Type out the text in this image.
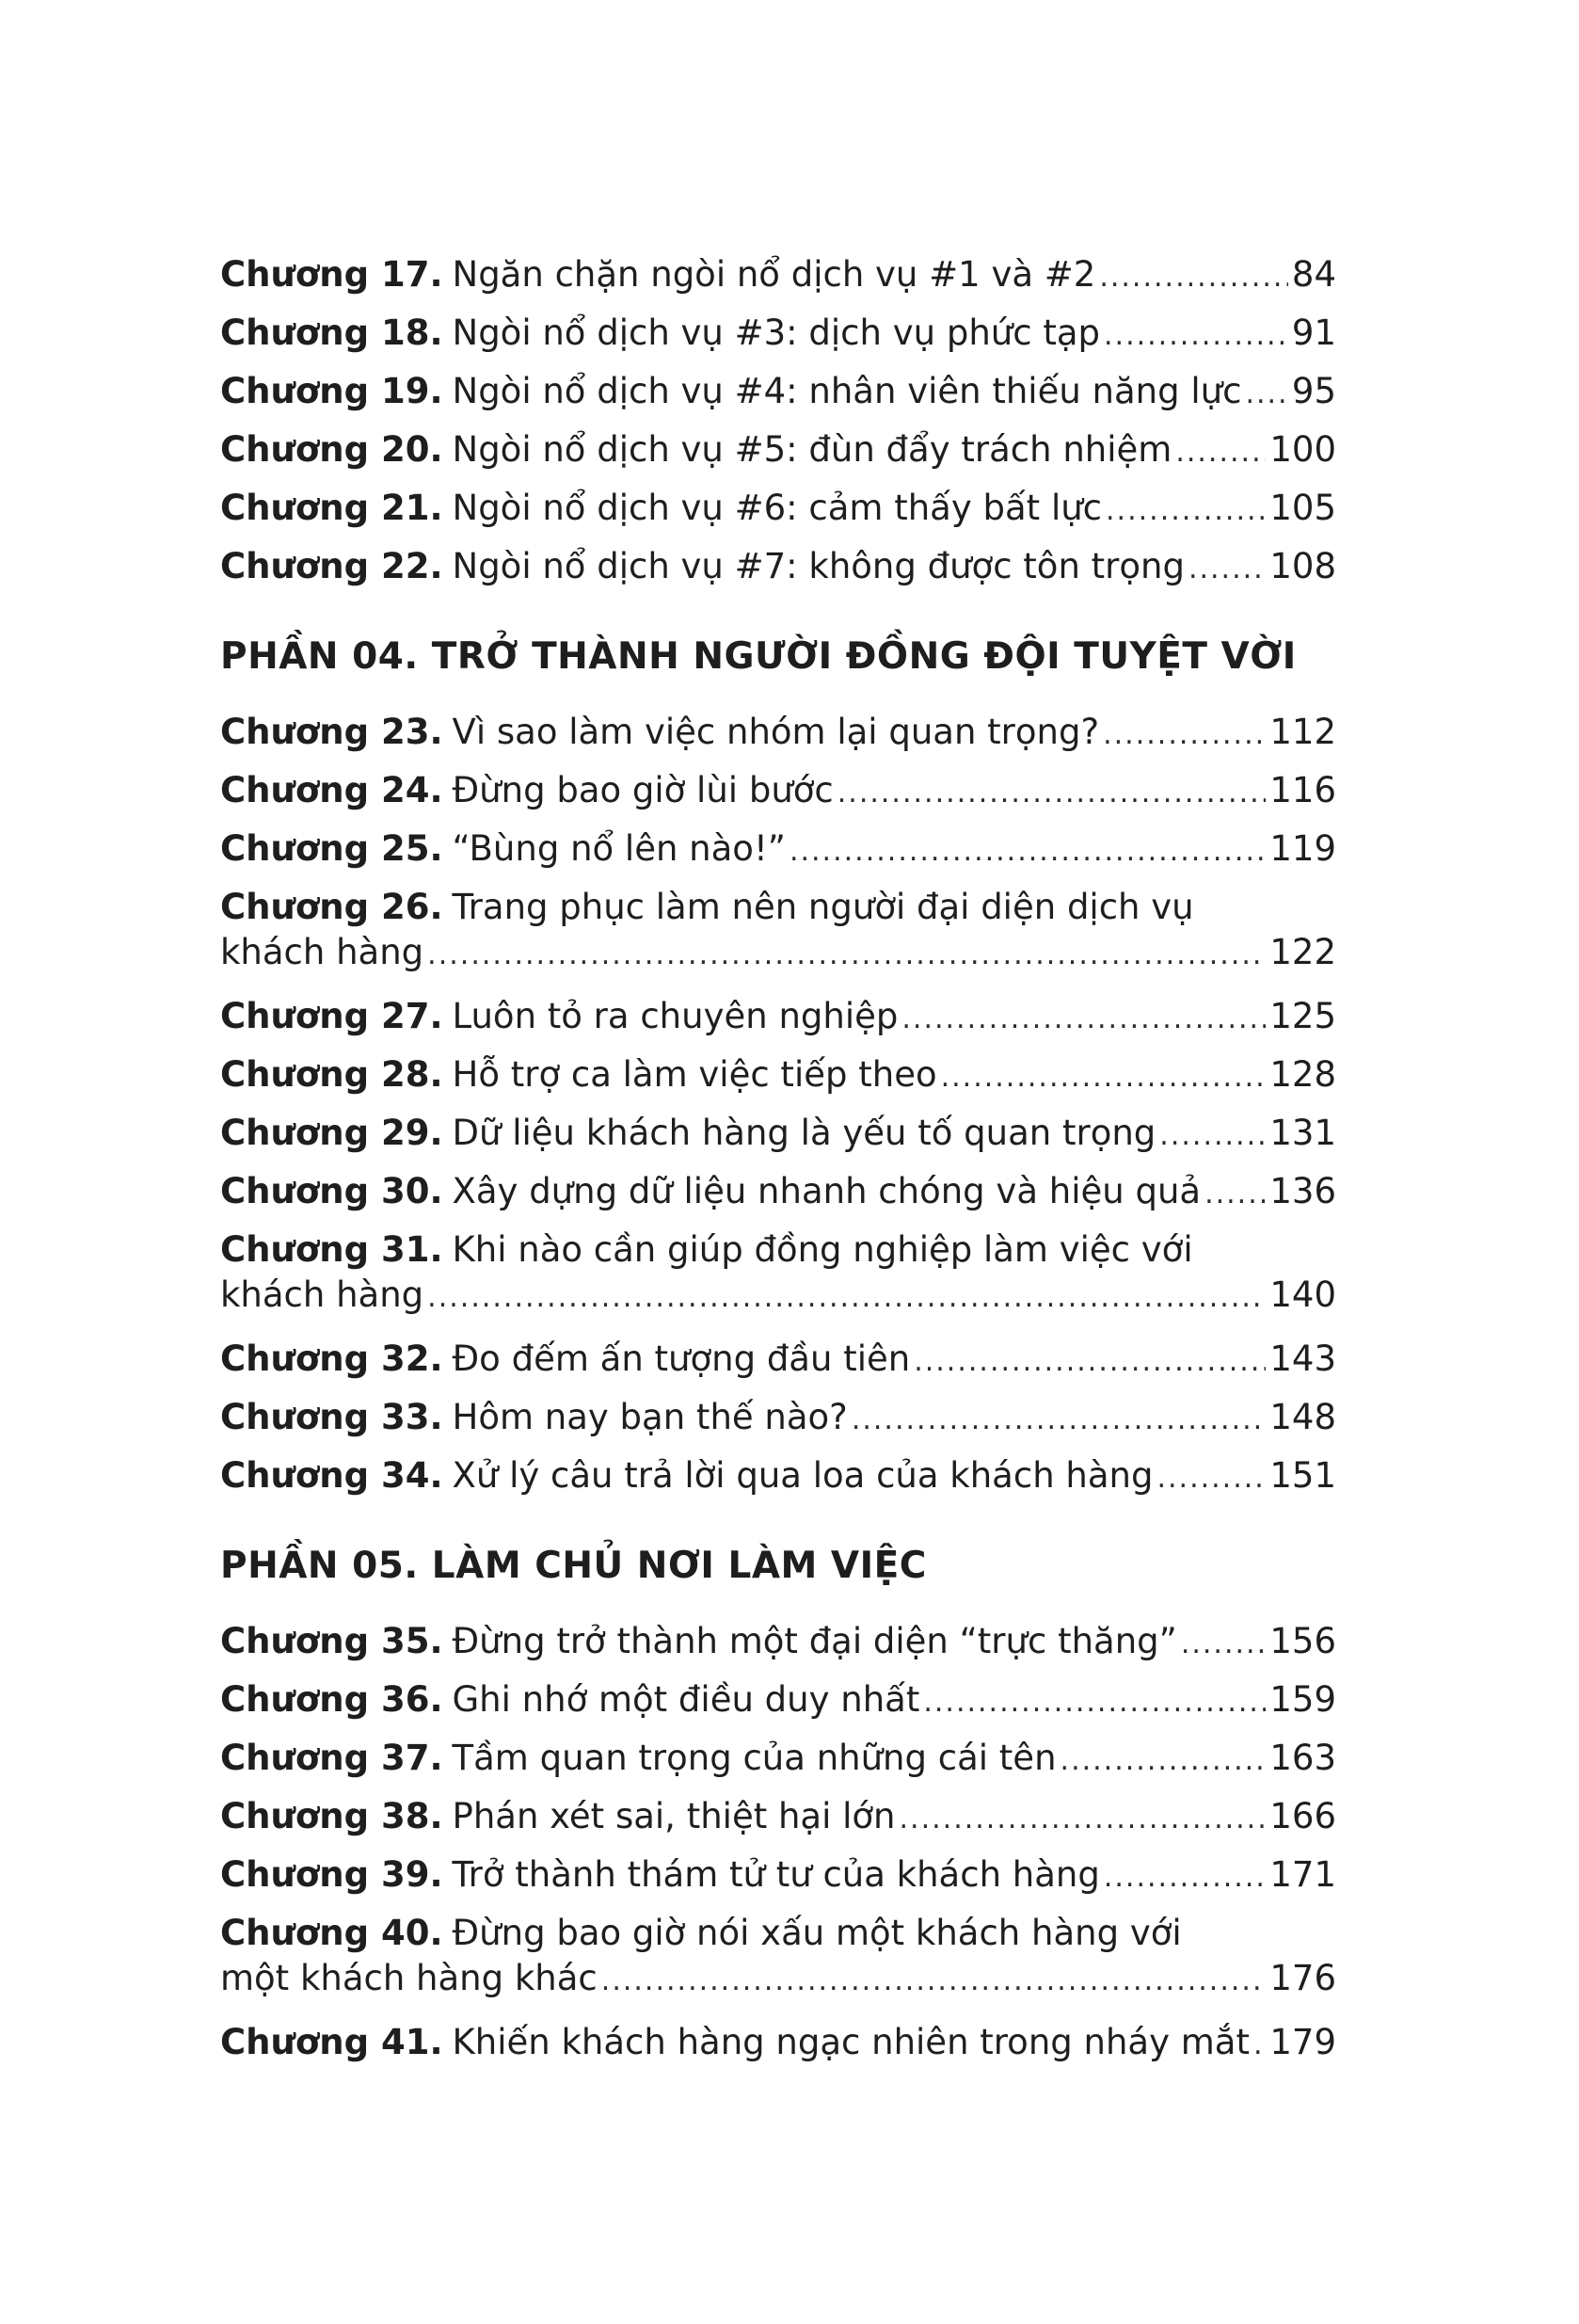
Chương 17. Ngăn chặn ngòi nổ dịch vụ #1 và #2 .....	84
Chương 18. Ngòi nổ dịch vụ #3: dịch vụ phức tạp .....	91
Chương 19. Ngòi nổ dịch vụ #4: nhân viên thiếu năng lực ..... 95
Chương 20. Ngòi nổ dịch vụ #5: đùn đẩy trách nhiệm .....	100
Chương 21. Ngòi nổ dịch vụ #6: cảm thấy bất lực .....	105
Chương 22. Ngòi nổ dịch vụ #7: không được tôn trọng ..... 108
PHẦN 04. TRỞ THÀNH NGƯỜI ĐỒNG ĐỘI TUYỆT VỜI
Chương 23. Vì sao làm việc nhóm lại quan trọng? .....	112
Chương 24. Đừng bao giờ lùi bước .....	116
Chương 25. “Bùng nổ lên nào!” .....	119
Chương 26. Trang phục làm nên người đại diện dịch vụ
khách hàng .....	122
Chương 27. Luôn tỏ ra chuyên nghiệp .....	125
Chương 28. Hỗ trợ ca làm việc tiếp theo .....	128
Chương 29. Dữ liệu khách hàng là yếu tố quan trọng .....	131
Chương 30. Xây dựng dữ liệu nhanh chóng và hiệu quả ..... 136
Chương 31. Khi nào cần giúp đồng nghiệp làm việc với
khách hàng .....	140
Chương 32. Đo đếm ấn tượng đầu tiên .....	143
Chương 33. Hôm nay bạn thế nào? .....	148
Chương 34. Xử lý câu trả lời qua loa của khách hàng .....	151
PHẦN 05. LÀM CHỦ NƠI LÀM VIỆC
Chương 35. Đừng trở thành một đại diện “trực thăng” .....	156
Chương 36. Ghi nhớ một điều duy nhất .....	159
Chương 37. Tầm quan trọng của những cái tên .....	163
Chương 38. Phán xét sai, thiệt hại lớn .....	166
Chương 39. Trở thành thám tử tư của khách hàng .....	171
Chương 40. Đừng bao giờ nói xấu một khách hàng với
một khách hàng khác .....	176
Chương 41. Khiến khách hàng ngạc nhiên trong nháy mắt ..... 179
